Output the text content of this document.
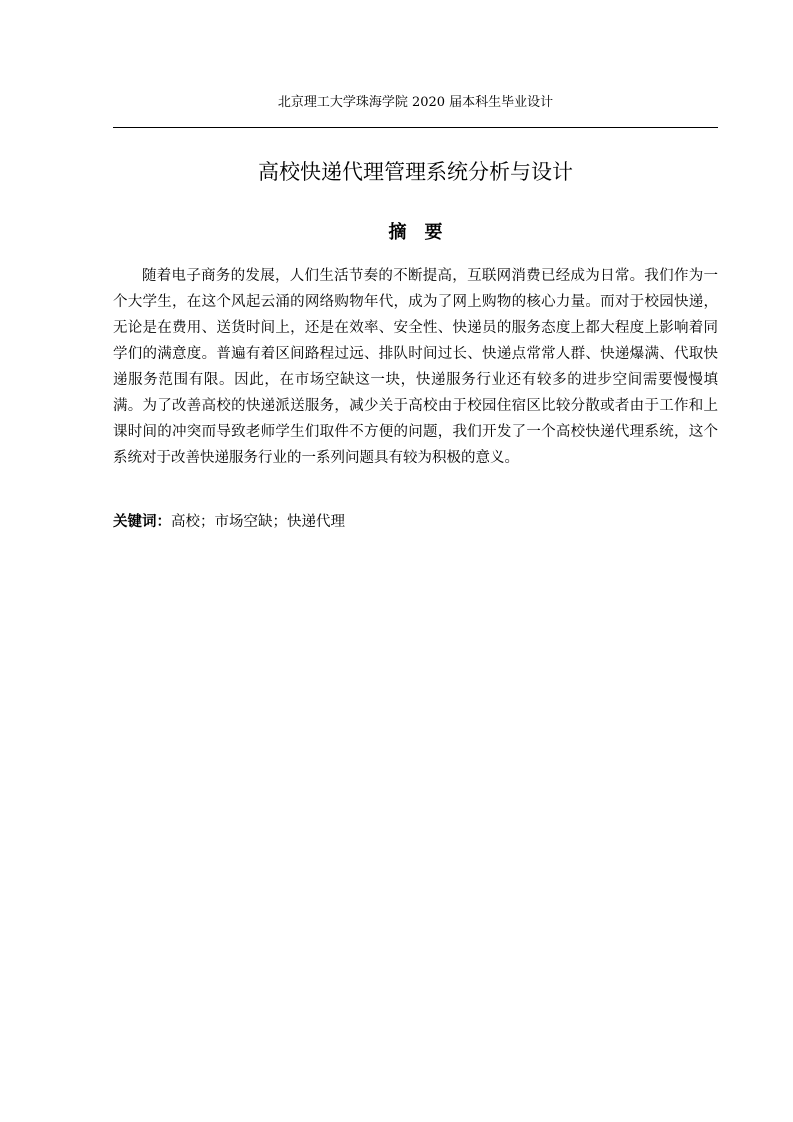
北京理工大学珠海学院 2020 届本科生毕业设计
高校快递代理管理系统分析与设计
摘要

随着电子商务的发展，人们生活节奏的不断提高，互联网消费已经成为日常。我们作为一个大学生，在这个风起云涌的网络购物年代，成为了网上购物的核心力量。而对于校园快递，无论是在费用、送货时间上，还是在效率、安全性、快递员的服务态度上都大程度上影响着同学们的满意度。普遍有着区间路程过远、排队时间过长、快递点常常人群、快递爆满、代取快递服务范围有限。因此，在市场空缺这一块，快递服务行业还有较多的进步空间需要慢慢填满。为了改善高校的快递派送服务，减少关于高校由于校园住宿区比较分散或者由于工作和上课时间的冲突而导致老师学生们取件不方便的问题，我们开发了一个高校快递代理系统，这个系统对于改善快递服务行业的一系列问题具有较为积极的意义。

关键词：高校；市场空缺；快递代理
